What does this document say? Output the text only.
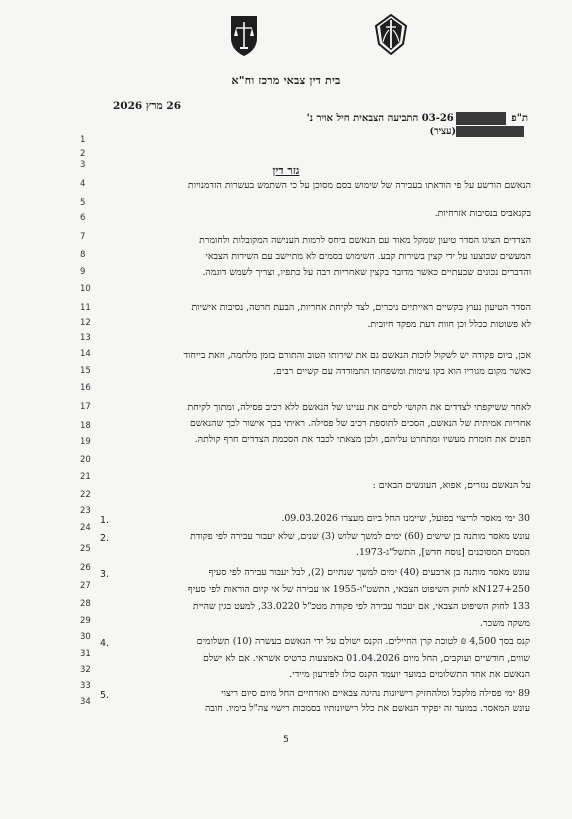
בית דין צבאי מרכז וח"א
26 מרץ 2026
ת"פ 03-26 התביעה הצבאית חיל אויר נ'
(עציר)
גזר דין
1
2
3
4
5
6
7
8
9
10
11
12
13
14
15
16
17
18
19
20
21
22
23
24
25
26
27
28
29
30
31
32
33
34
הנאשם הורשע על פי הודאתו בעבירה של שימוש בסם מסוכן על כי השתמש בעשרות הזדמנויות
בקנאביס בנסיבות אזרחיות.
הצדדים הציגו הסדר טיעון שמקל מאוד עם הנאשם ביחס לרמות הענישה המקובלות ולחומרת
המעשים שבוצעו על ידי קצין בשירות קבע. השימוש בסמים לא מתיישב עם השירות הצבאי
והדברים נכונים שבעתיים כאשר מדובר בקצין שאחריות רבה על כתפיו, וצריך לשמש דוגמה.
הסדר הטיעון נעוץ בקשיים ראייתיים ניכרים, לצד לקיחת אחריות, הבעת חרטה, נסיבות אישיות
לא פשוטות ככלל וכן חוות דעת מפקד חיובית.
אכן, ביום פקודה יש לשקול לזכות הנאשם גם את שירותו הטוב והתורם בזמן מלחמה, וזאת בייחוד
כאשר מקום מגוריו הוא בקו עימות ומשפחתו התמודדה עם קשיים רבים.
לאחר ששיקפתי לצדדים את הקושי לסיים את עניינו של הנאשם ללא רכיב פסילה, ומתוך לקיחת
אחריות אמיתית של הנאשם, הסכים לתוספת רכיב של פסילה. ראיתי בכך אישור לכך שהנאשם
הפנים את חומרת מעשיו ומתחרט עליהם, ולכן מצאתי לכבד את הסכמת הצדדים חרף קולתה.
על הנאשם נגזרים, אפוא, העונשים הבאים :
1.	30 ימי מאסר לריצוי בפועל, שיימנו החל ביום מעצרו 09.03.2026.
2.	עונש מאסר מותנה בן שישים (60) ימים למשך שלוש (3) שנים, שלא יעבור עבירה לפי פקודת
הסמים המסוכנים [נוסח חדש], התשל"ג-1973.
3.	עונש מאסר מותנה בן ארבעים (40) ימים למשך שנתיים (2), לבל יעבור עבירה לפי סעיף
N127+250א לחוק השיפוט הצבאי, התשט"ו-1955 או עבירה של אי קיום הוראות לפי סעיף
133 לחוק השיפוט הצבאי, אם יעבור עבירה לפי פקודת מטכ"ל 33.0220, למעט בגין שהיית
משקה משכר.
4.	קנס בסך 4,500 ₪ לטובת קרן החיילים. הקנס ישולם על ידי הנאשם בעשרה (10) תשלומים
שווים, חודשיים ועוקבים, החל מיום 01.04.2026 באמצעות כרטיס אשראי. אם לא ישלם
הנאשם את אחד התשלומים במועד יועמד הקנס כולו לפירעון מיידי.
5.	89 ימי פסילה מלקבל ומלהחזיק רישיונות נהיגה צבאיים ואזרחיים החל מיום סיום ריצוי
עונש המאסר. במועד זה יפקיד הנאשם את כלל רישיונותיו בסמכות רישוי צה"ל בימיו. חובה
5
